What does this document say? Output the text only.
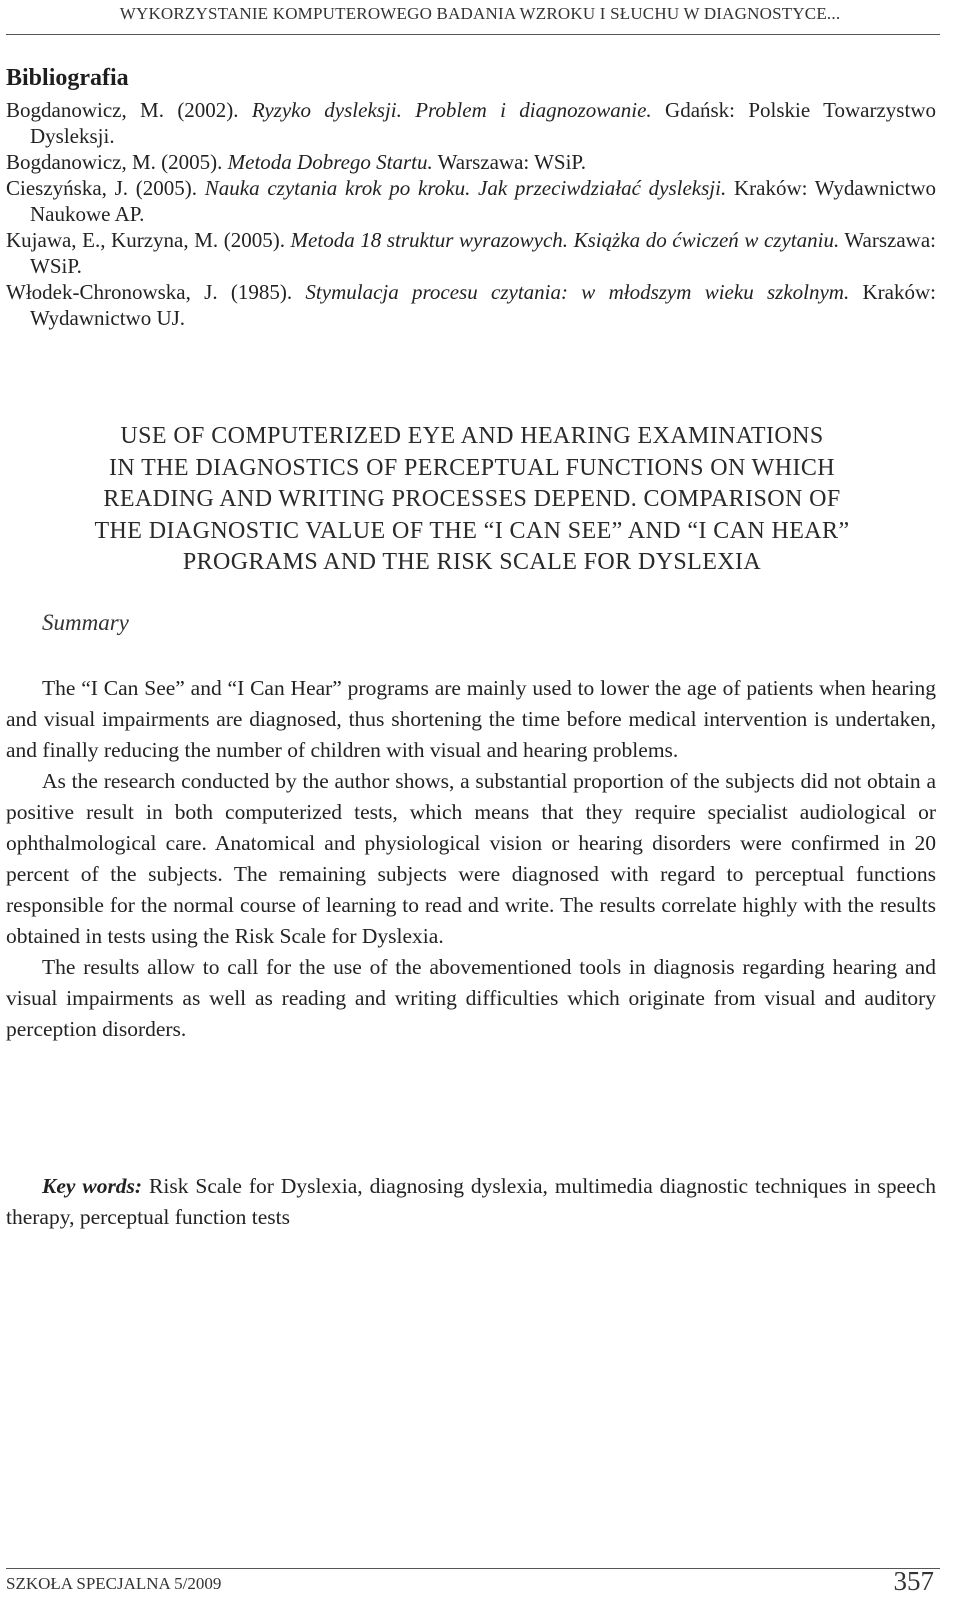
WYKORZYSTANIE KOMPUTEROWEGO BADANIA WZROKU I SŁUCHU W DIAGNOSTYCE...
Bibliografia
Bogdanowicz, M. (2002). Ryzyko dysleksji. Problem i diagnozowanie. Gdańsk: Polskie Towarzystwo Dysleksji.
Bogdanowicz, M. (2005). Metoda Dobrego Startu. Warszawa: WSiP.
Cieszyńska, J. (2005). Nauka czytania krok po kroku. Jak przeciwdziałać dysleksji. Kraków: Wydawnictwo Naukowe AP.
Kujawa, E., Kurzyna, M. (2005). Metoda 18 struktur wyrazowych. Książka do ćwiczeń w czytaniu. Warszawa: WSiP.
Włodek-Chronowska, J. (1985). Stymulacja procesu czytania: w młodszym wieku szkolnym. Kraków: Wydawnictwo UJ.
USE OF COMPUTERIZED EYE AND HEARING EXAMINATIONS
IN THE DIAGNOSTICS OF PERCEPTUAL FUNCTIONS ON WHICH
READING AND WRITING PROCESSES DEPEND. COMPARISON OF
THE DIAGNOSTIC VALUE OF THE “I CAN SEE” AND “I CAN HEAR”
PROGRAMS AND THE RISK SCALE FOR DYSLEXIA
Summary

The “I Can See” and “I Can Hear” programs are mainly used to lower the age of patients when hearing and visual impairments are diagnosed, thus shortening the time before medical intervention is undertaken, and finally reducing the number of children with visual and hearing problems.

As the research conducted by the author shows, a substantial proportion of the subjects did not obtain a positive result in both computerized tests, which means that they require specialist audiological or ophthalmological care. Anatomical and physiological vision or hearing disorders were confirmed in 20 percent of the subjects. The remaining subjects were diagnosed with regard to perceptual functions responsible for the normal course of learning to read and write. The results correlate highly with the results obtained in tests using the Risk Scale for Dyslexia.

The results allow to call for the use of the abovementioned tools in diagnosis regarding hearing and visual impairments as well as reading and writing difficulties which originate from visual and auditory perception disorders.

Key words: Risk Scale for Dyslexia, diagnosing dyslexia, multimedia diagnostic techniques in speech therapy, perceptual function tests

SZKOŁA SPECJALNA 5/2009	357
